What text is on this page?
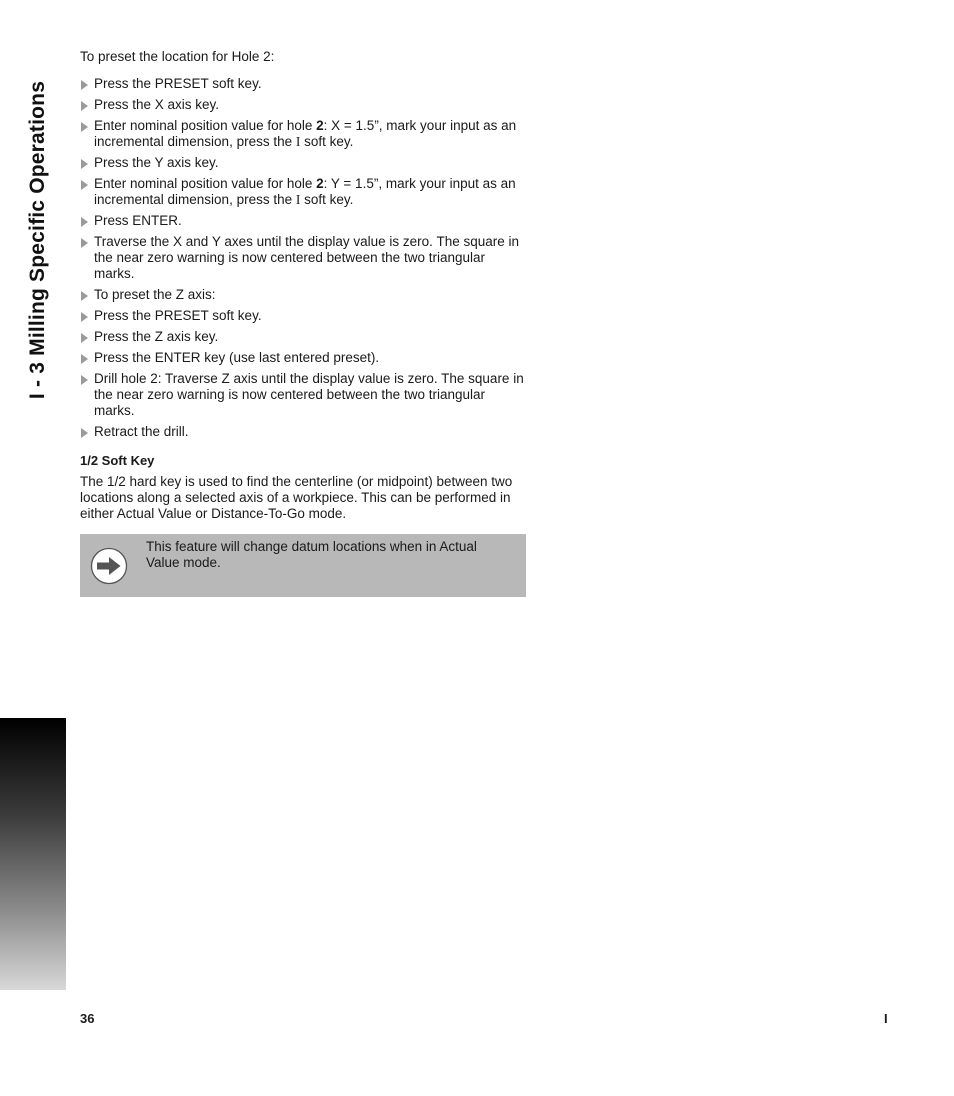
I - 3 Milling Specific Operations

To preset the location for Hole 2:

Press the PRESET soft key.
Press the X axis key.
Enter nominal position value for hole 2: X = 1.5”, mark your input as an incremental dimension, press the I soft key.
Press the Y axis key.
Enter nominal position value for hole 2: Y = 1.5”, mark your input as an incremental dimension, press the I soft key.
Press ENTER.
Traverse the X and Y axes until the display value is zero. The square in the near zero warning is now centered between the two triangular marks.
To preset the Z axis:
Press the PRESET soft key.
Press the Z axis key.
Press the ENTER key (use last entered preset).
Drill hole 2: Traverse Z axis until the display value is zero. The square in the near zero warning is now centered between the two triangular marks.
Retract the drill.
1/2 Soft Key

The 1/2 hard key is used to find the centerline (or midpoint) between two locations along a selected axis of a workpiece. This can be performed in either Actual Value or Distance-To-Go mode.

This feature will change datum locations when in Actual Value mode.
36	I
